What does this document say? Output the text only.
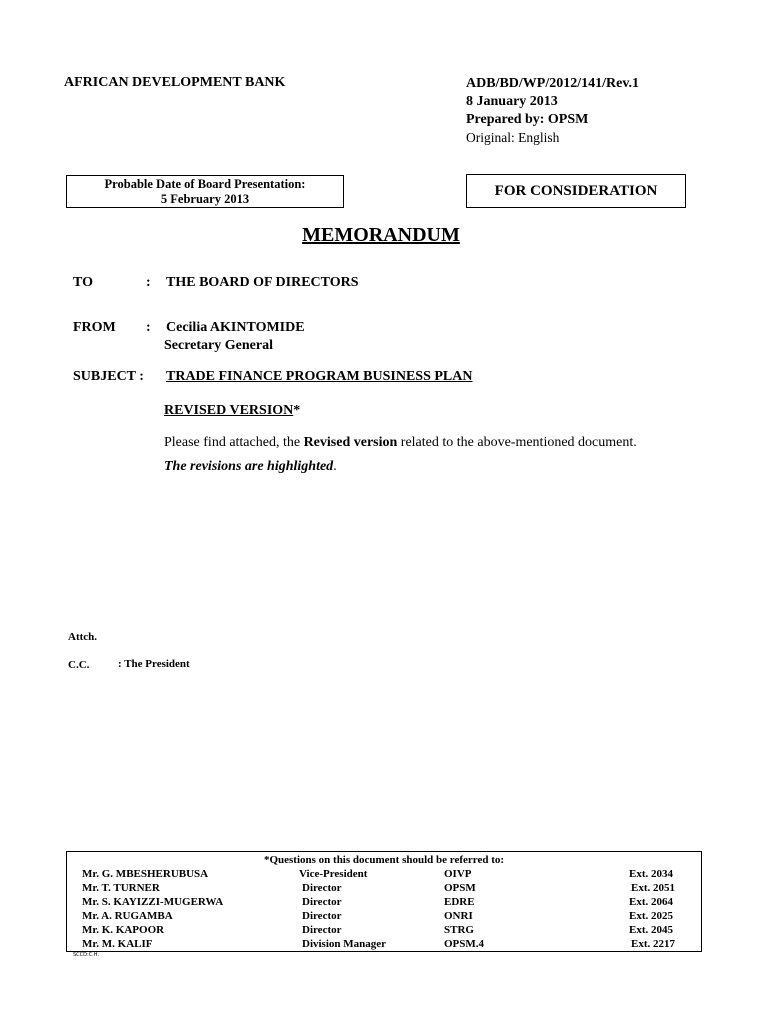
AFRICAN DEVELOPMENT BANK	ADB/BD/WP/2012/141/Rev.1
8 January 2013
Prepared by: OPSM
Original: English
Probable Date of Board Presentation:
5 February 2013	FOR CONSIDERATION
MEMORANDUM
TO	: THE BOARD OF DIRECTORS
FROM : Cecilia AKINTOMIDE
Secretary General
SUBJECT : TRADE FINANCE PROGRAM BUSINESS PLAN
REVISED VERSION*
Please find attached, the Revised version related to the above-mentioned document.
The revisions are highlighted.
Attch.
C.C.	: The President
*Questions on this document should be referred to:
Mr. G. MBESHERUBUSA	Vice-President	OIVP	Ext. 2034
Mr. T. TURNER	Director	OPSM	Ext. 2051
Mr. S. KAYIZZI-MUGERWA	Director	EDRE	Ext. 2064
Mr. A. RUGAMBA	Director	ONRI	Ext. 2025
Mr. K. KAPOOR	Director	STRG	Ext. 2045
Mr. M. KALIF	Division Manager	OPSM.4	Ext. 2217
SCCD:C.H.
